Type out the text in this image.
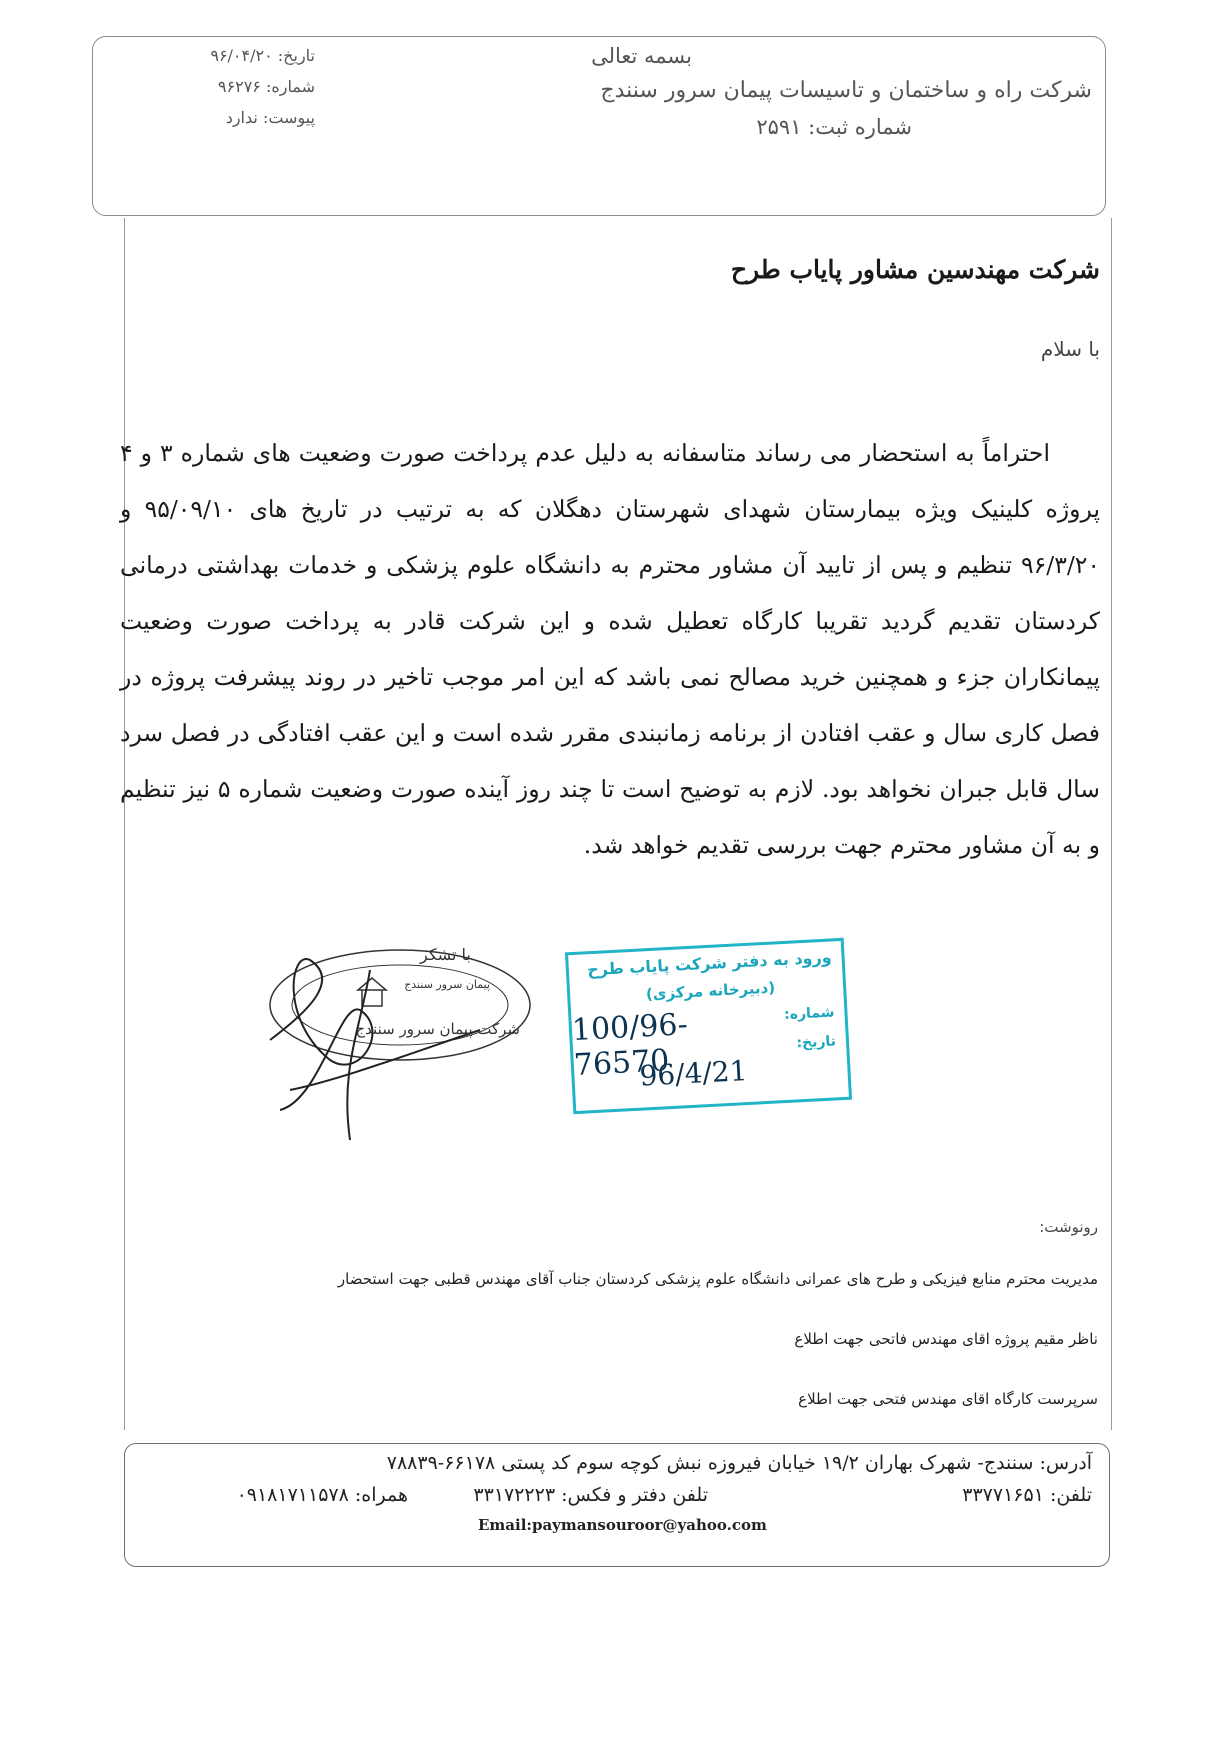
بسمه تعالی
شرکت راه و ساختمان و تاسیسات پیمان سرور سنندج
شماره ثبت: ۲۵۹۱
تاریخ: ۹۶/۰۴/۲۰
شماره: ۹۶۲۷۶
پیوست: ندارد
شرکت مهندسین مشاور پایاب طرح
با سلام
احتراماً به استحضار می رساند متاسفانه به دلیل عدم پرداخت صورت وضعیت های شماره ۳ و ۴ پروژه کلینیک ویژه بیمارستان شهدای شهرستان دهگلان که به ترتیب در تاریخ های ۹۵/۰۹/۱۰ و ۹۶/۳/۲۰ تنظیم و پس از تایید آن مشاور محترم به دانشگاه علوم پزشکی و خدمات بهداشتی درمانی کردستان تقدیم گردید تقریبا کارگاه تعطیل شده و این شرکت قادر به پرداخت صورت وضعیت پیمانکاران جزء و همچنین خرید مصالح نمی باشد که این امر موجب تاخیر در روند پیشرفت پروژه در فصل کاری سال و عقب افتادن از برنامه زمانبندی مقرر شده است و این عقب افتادگی در فصل سرد سال قابل جبران نخواهد بود. لازم به توضیح است تا چند روز آینده صورت وضعیت شماره ۵ نیز تنظیم و به آن مشاور محترم جهت بررسی تقدیم خواهد شد.
با تشکر
پیمان سرور سنندج
شرکت پیمان سرور سنندج
ورود به دفتر شرکت پایاب طرح
(دبیرخانه مرکزی)
شماره:
100/96-76570
تاریخ:
96/4/21
رونوشت:
مدیریت محترم منابع فیزیکی و طرح های عمرانی دانشگاه علوم پزشکی کردستان جناب آقای مهندس قطبی جهت استحضار
ناظر مقیم پروژه اقای مهندس فاتحی جهت اطلاع
سرپرست کارگاه اقای مهندس فتحی جهت اطلاع
آدرس: سنندج- شهرک بهاران ۱۹/۲ خیابان فیروزه نبش کوچه سوم کد پستی ۶۶۱۷۸-۷۸۸۳۹
تلفن: ۳۳۷۷۱۶۵۱
تلفن دفتر و فکس: ۳۳۱۷۲۲۲۳
همراه: ۰۹۱۸۱۷۱۱۵۷۸
Email:paymansouroor@yahoo.com
